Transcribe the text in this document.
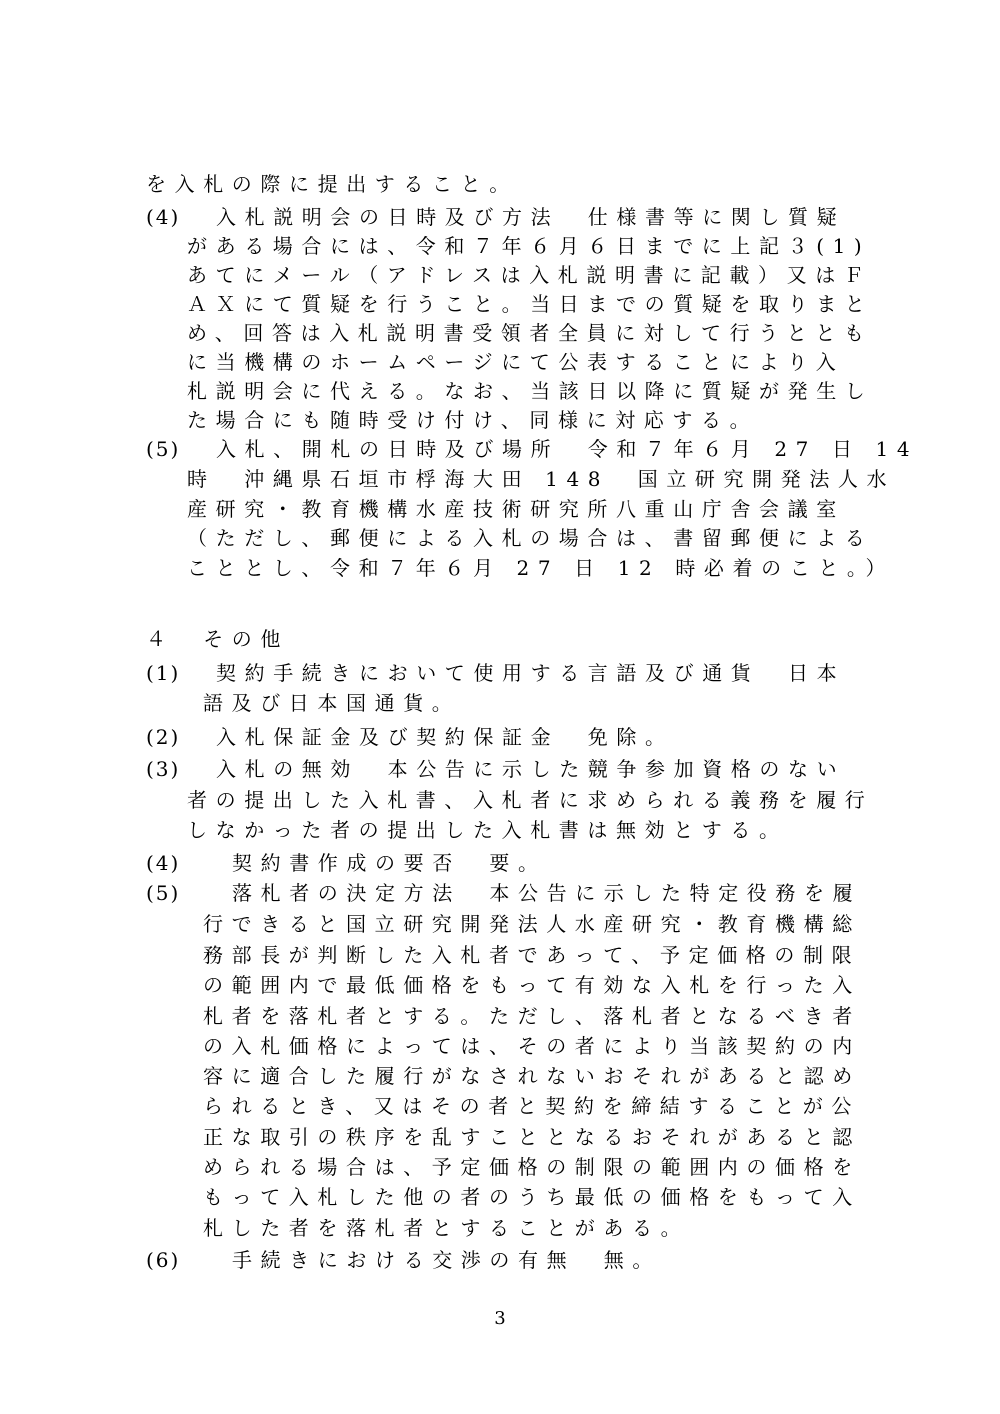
を入札の際に提出すること。
(4) 入札説明会の日時及び方法　仕様書等に関し質疑
がある場合には、令和７年６月６日までに上記３(1)
あてにメール（アドレスは入札説明書に記載）又はＦ
ＡＸにて質疑を行うこと。当日までの質疑を取りまと
め、回答は入札説明書受領者全員に対して行うととも
に当機構のホームページにて公表することにより入
札説明会に代える。なお、当該日以降に質疑が発生し
た場合にも随時受け付け、同様に対応する。
(5) 入札、開札の日時及び場所　令和７年６月 27 日 14
時　沖縄県石垣市桴海大田 148　国立研究開発法人水
産研究・教育機構水産技術研究所八重山庁舎会議室
（ただし、郵便による入札の場合は、書留郵便による
こととし、令和７年６月 27 日 12 時必着のこと。）
４　その他
(1) 契約手続きにおいて使用する言語及び通貨　日本
語及び日本国通貨。
(2) 入札保証金及び契約保証金　免除。
(3) 入札の無効　本公告に示した競争参加資格のない
者の提出した入札書、入札者に求められる義務を履行
しなかった者の提出した入札書は無効とする。
(4)	契約書作成の要否　要。
(5)	落札者の決定方法　本公告に示した特定役務を履
行できると国立研究開発法人水産研究・教育機構総
務部長が判断した入札者であって、予定価格の制限
の範囲内で最低価格をもって有効な入札を行った入
札者を落札者とする。ただし、落札者となるべき者
の入札価格によっては、その者により当該契約の内
容に適合した履行がなされないおそれがあると認め
られるとき、又はその者と契約を締結することが公
正な取引の秩序を乱すこととなるおそれがあると認
められる場合は、予定価格の制限の範囲内の価格を
もって入札した他の者のうち最低の価格をもって入
札した者を落札者とすることがある。
(6)	手続きにおける交渉の有無　無。
3
